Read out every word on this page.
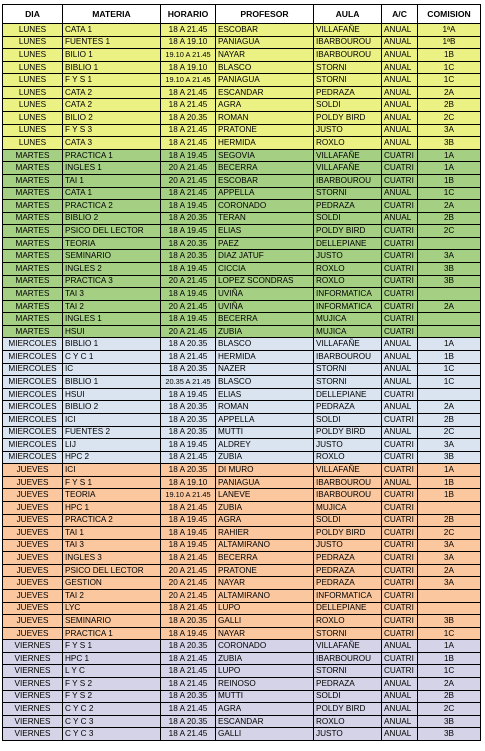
DIA	MATERIA	HORARIO	PROFESOR	AULA	A/C	COMISION
LUNES	CATA 1	18 A 21.45	ESCOBAR	VILLAFAÑE	ANUAL	1ªA
LUNES	FUENTES 1	18 A 19.10	PANIAGUA	IBARBOUROU	ANUAL	1ªB
LUNES	BILIO 1	19.10 A 21.45	NAYAR	IBARBOUROU	ANUAL	1B
LUNES	BIBLIO 1	18 A 19.10	BLASCO	STORNI	ANUAL	1C
LUNES	F Y S 1	19.10 A 21.45	PANIAGUA	STORNI	ANUAL	1C
LUNES	CATA 2	18 A 21.45	ESCANDAR	PEDRAZA	ANUAL	2A
LUNES	CATA 2	18 A 21.45	AGRA	SOLDI	ANUAL	2B
LUNES	BILIO 2	18 A 20.35	ROMAN	POLDY BIRD	ANUAL	2C
LUNES	F Y S 3	18 A 21.45	PRATONE	JUSTO	ANUAL	3A
LUNES	CATA 3	18 A 21.45	HERMIDA	ROXLO	ANUAL	3B
MARTES	PRACTICA 1	18 A 19.45	SEGOVIA	VILLAFAÑE	CUATRI	1A
MARTES	INGLES 1	20 A 21.45	BECERRA	VILLAFAÑE	CUATRI	1A
MARTES	TAI 1	20 A 21.45	ESCOBAR	IBARBOUROU	CUATRI	1B
MARTES	CATA 1	18 A 21.45	APPELLA	STORNI	ANUAL	1C
MARTES	PRACTICA 2	18 A 19.45	CORONADO	PEDRAZA	CUATRI	2A
MARTES	BIBLIO 2	18 A 20.35	TERAN	SOLDI	ANUAL	2B
MARTES	PSICO DEL LECTOR	18 A 19.45	ELIAS	POLDY BIRD	CUATRI	2C
MARTES	TEORIA	18 A 20.35	PAEZ	DELLEPIANE	CUATRI	
MARTES	SEMINARIO	18 A 20.35	DIAZ JATUF	JUSTO	CUATRI	3A
MARTES	INGLES 2	18 A 19.45	CICCIA	ROXLO	CUATRI	3B
MARTES	PRACTICA 3	20 A 21.45	LOPEZ SCONDRAS	ROXLO	CUATRI	3B
MARTES	TAI 3	18 A 19.45	UVIÑA	INFORMATICA	CUATRI	
MARTES	TAI 2	20 A 21.45	UVIÑA	INFORMATICA	CUATRI	2A
MARTES	INGLES 1	18 A 19.45	BECERRA	MUJICA	CUATRI	
MARTES	HSUI	20 A 21.45	ZUBIA	MUJICA	CUATRI	
MIERCOLES	BIBLIO 1	18 A 20.35	BLASCO	VILLAFAÑE	ANUAL	1A
MIERCOLES	C Y C 1	18 A 21.45	HERMIDA	IBARBOUROU	ANUAL	1B
MIERCOLES	IC	18 A 20.35	NAZER	STORNI	ANUAL	1C
MIERCOLES	BIBLIO 1	20.35 A 21.45	BLASCO	STORNI	ANUAL	1C
MIERCOLES	HSUI	18 A 19.45	ELIAS	DELLEPIANE	CUATRI	
MIERCOLES	BIBLIO 2	18 A 20.35	ROMAN	PEDRAZA	ANUAL	2A
MIERCOLES	ICI	18 A 20.35	APPELLA	SOLDI	CUATRI	2B
MIERCOLES	FUENTES 2	18 A 20.35	MUTTI	POLDY BIRD	ANUAL	2C
MIERCOLES	LIJ	18 A 19.45	ALDREY	JUSTO	CUATRI	3A
MIERCOLES	HPC 2	18 A 21.45	ZUBIA	ROXLO	CUATRI	3B
JUEVES	ICI	18 A 20.35	DI MURO	VILLAFAÑE	CUATRI	1A
JUEVES	F Y S 1	18 A 19.10	PANIAGUA	IBARBOUROU	ANUAL	1B
JUEVES	TEORIA	19.10 A 21.45	LANEVE	IBARBOUROU	CUATRI	1B
JUEVES	HPC 1	18 A 21.45	ZUBIA	MUJICA	CUATRI	
JUEVES	PRACTICA 2	18 A 19.45	AGRA	SOLDI	CUATRI	2B
JUEVES	TAI 1	18 A 19.45	RAHIER	POLDY BIRD	CUATRI	2C
JUEVES	TAI 3	18 A 19.45	ALTAMIRANO	JUSTO	CUATRI	3A
JUEVES	INGLES 3	18 A 21.45	BECERRA	PEDRAZA	CUATRI	3A
JUEVES	PSICO DEL LECTOR	20 A 21.45	PRATONE	PEDRAZA	CUATRI	2A
JUEVES	GESTION	20 A 21.45	NAYAR	PEDRAZA	CUATRI	3A
JUEVES	TAI 2	20 A 21.45	ALTAMIRANO	INFORMATICA	CUATRI	
JUEVES	LYC	18 A 21.45	LUPO	DELLEPIANE	CUATRI	
JUEVES	SEMINARIO	18 A 20.35	GALLI	ROXLO	CUATRI	3B
JUEVES	PRACTICA 1	18 A 19.45	NAYAR	STORNI	CUATRI	1C
VIERNES	F Y S 1	18 A 20.35	CORONADO	VILLAFAÑE	ANUAL	1A
VIERNES	HPC 1	18 A 21.45	ZUBIA	IBARBOUROU	CUATRI	1B
VIERNES	L Y C	18 A 21.45	LUPO	STORNI	CUATRI	1C
VIERNES	F Y S 2	18 A 21.45	REINOSO	PEDRAZA	ANUAL	2A
VIERNES	F Y S 2	18 A 20.35	MUTTI	SOLDI	ANUAL	2B
VIERNES	C Y C 2	18 A 21.45	AGRA	POLDY BIRD	ANUAL	2C
VIERNES	C Y C 3	18 A 20.35	ESCANDAR	ROXLO	ANUAL	3B
VIERNES	C Y C 3	18 A 21.45	GALLI	JUSTO	ANUAL	3B
